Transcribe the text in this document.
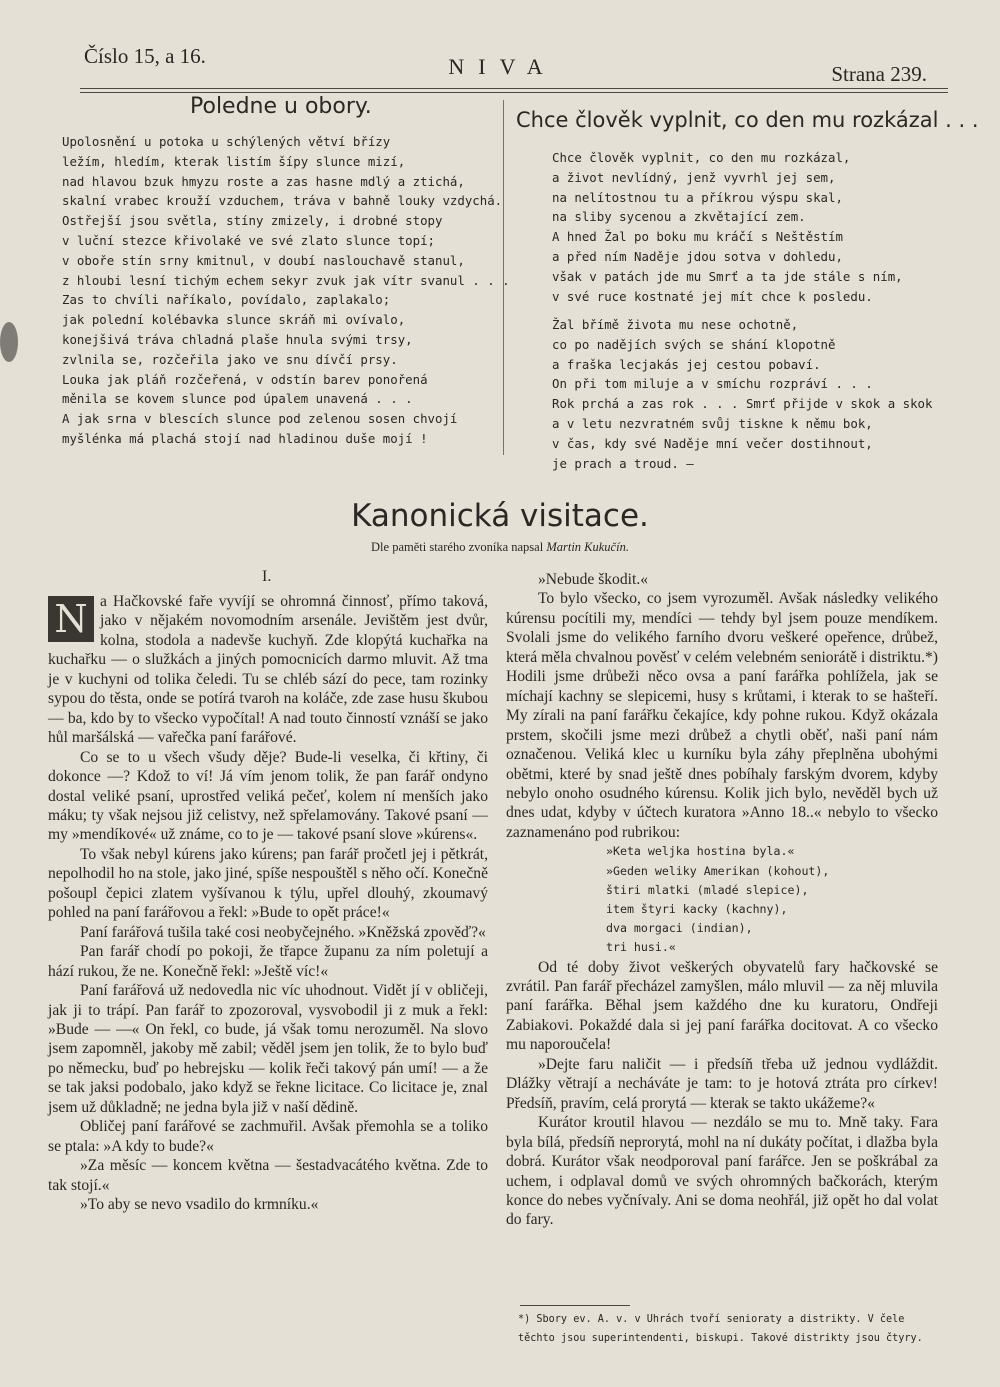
Číslo 15, a 16.	NIVA	Strana 239.
Poledne u obory.
Upolosnění u potoka u schýlených větví břízy
ležím, hledím, kterak listím šípy slunce mizí,
nad hlavou bzuk hmyzu roste a zas hasne mdlý a ztichá,
skalní vrabec krouží vzduchem, tráva v bahně louky vzdychá.
Ostřejší jsou světla, stíny zmizely, i drobné stopy
v luční stezce křivolaké ve své zlato slunce topí;
v oboře stín srny kmitnul, v doubí naslouchavě stanul,
z hloubi lesní tichým echem sekyr zvuk jak vítr svanul . . .
Zas to chvíli naříkalo, povídalo, zaplakalo;
jak polední kolébavka slunce skráň mi ovívalo,
konejšivá tráva chladná plaše hnula svými trsy,
zvlnila se, rozčeřila jako ve snu dívčí prsy.
Louka jak pláň rozčeřená, v odstín barev ponořená
měnila se kovem slunce pod úpalem unavená . . .
A jak srna v blescích slunce pod zelenou sosen chvojí
myšlénka má plachá stojí nad hladinou duše mojí !
Chce člověk vyplnit, co den mu rozkázal . . .
Chce člověk vyplnit, co den mu rozkázal,
a život nevlídný, jenž vyvrhl jej sem,
na nelítostnou tu a příkrou výspu skal,
na sliby sycenou a zkvětající zem.
A hned Žal po boku mu kráčí s Neštěstím
a před ním Naděje jdou sotva v dohledu,
však v patách jde mu Smrť a ta jde stále s ním,
v své ruce kostnaté jej mít chce k posledu.
Žal břímě života mu nese ochotně,
co po nadějích svých se shání klopotně
a fraška lecjakás jej cestou pobaví.
On při tom miluje a v smíchu rozpráví . . .
Rok prchá a zas rok . . . Smrť přijde v skok a skok
a v letu nezvratném svůj tiskne k němu bok,
v čas, kdy své Naděje mní večer dostihnout,
je prach a troud. —
Kanonická visitace.
Dle paměti starého zvoníka napsal Martin Kukučín.
I.

N a Hačkovské faře vyvíjí se ohromná činnosť, přímo taková, jako v nějakém novomodním arsenále. Jevištěm jest dvůr, kolna, stodola a nadevše kuchyň. Zde klopýtá kuchařka na kuchařku — o služkách a jiných pomocnicích darmo mluvit. Až tma je v kuchyni od tolika čeledi. Tu se chléb sází do pece, tam rozinky sypou do těsta, onde se potírá tvaroh na koláče, zde zase husu škubou — ba, kdo by to všecko vypočítal! A nad touto činností vznáší se jako hůl maršálská — vařečka paní farářové.

Co se to u všech všudy děje? Bude-li veselka, či křtiny, či dokonce —? Kdož to ví! Já vím jenom tolik, že pan farář ondyno dostal veliké psaní, uprostřed veliká pečeť, kolem ní menších jako máku; ty však nejsou již celistvy, než spřelamovány. Takové psaní — my »mendíkové« už známe, co to je — takové psaní slove »kúrens«.

To však nebyl kúrens jako kúrens; pan farář pročetl jej i pětkrát, nepolhodil ho na stole, jako jiné, spíše nespouštěl s něho očí. Konečně pošoupl čepici zlatem vyšívanou k týlu, upřel dlouhý, zkoumavý pohled na paní farářovou a řekl: »Bude to opět práce!«

Paní farářová tušila také cosi neobyčejného. »Kněžská zpověď?«

Pan farář chodí po pokoji, že třapce županu za ním poletují a hází rukou, že ne. Konečně řekl: »Ještě víc!«

Paní farářová už nedovedla nic víc uhodnout. Vidět jí v obličeji, jak ji to trápí. Pan farář to zpozoroval, vysvobodil ji z muk a řekl: »Bude — —« On řekl, co bude, já však tomu nerozuměl. Na slovo jsem zapomněl, jakoby mě zabil; věděl jsem jen tolik, že to bylo buď po německu, buď po hebrejsku — kolik řeči takový pán umí! — a že se tak jaksi podobalo, jako když se řekne licitace. Co licitace je, znal jsem už důkladně; ne jedna byla již v naší dědině.

Obličej paní farářové se zachmuřil. Avšak přemohla se a toliko se ptala: »A kdy to bude?«

»Za měsíc — koncem května — šestadvacátého května. Zde to tak stojí.«

»To aby se nevo vsadilo do krmníku.«

»Nebude škodit.«

To bylo všecko, co jsem vyrozuměl. Avšak následky velikého kúrensu pocítili my, mendíci — tehdy byl jsem pouze mendíkem. Svolali jsme do velikého farního dvoru veškeré opeřence, drůbež, která měla chvalnou pověsť v celém velebném seniorátě i distriktu.*) Hodili jsme drůbeži něco ovsa a paní farářka pohlížela, jak se míchají kachny se slepicemi, husy s krůtami, i kterak to se hašteří. My zírali na paní farářku čekajíce, kdy pohne rukou. Když okázala prstem, skočili jsme mezi drůbež a chytli oběť, naši paní nám označenou. Veliká klec u kurníku byla záhy přeplněna ubohými obětmi, které by snad ještě dnes pobíhaly farským dvorem, kdyby nebylo onoho osudného kúrensu. Kolik jich bylo, nevěděl bych už dnes udat, kdyby v účtech kuratora »Anno 18..« nebylo to všecko zaznamenáno pod rubrikou:

»Keta weljka hostina byla.«
»Geden weliky Amerikan (kohout),
štiri mlatki (mladé slepice),
item štyri kacky (kachny),
dva morgaci (indian),
tri husi.«

Od té doby život veškerých obyvatelů fary hačkovské se zvrátil. Pan farář přecházel zamyšlen, málo mluvil — za něj mluvila paní farářka. Běhal jsem každého dne ku kuratoru, Ondřeji Zabiakovi. Pokaždé dala si jej paní farářka docitovat. A co všecko mu naporoučela!

»Dejte faru naličit — i předsíň třeba už jednou vydláždit. Dlážky větrají a necháváte je tam: to je hotová ztráta pro církev! Předsíň, pravím, celá prorytá — kterak se takto ukážeme?«

Kurátor kroutil hlavou — nezdálo se mu to. Mně taky. Fara byla bílá, předsíň neprorytá, mohl na ní dukáty počítat, i dlažba byla dobrá. Kurátor však neodporoval paní farářce. Jen se poškrábal za uchem, i odplaval domů ve svých ohromných bačkorách, kterým konce do nebes vyčnívaly. Ani se doma neohřál, již opět ho dal volat do fary.

*) Sbory ev. A. v. v Uhrách tvoří senioraty a distrikty. V čele
těchto jsou superintendenti, biskupi. Takové distrikty jsou čtyry.
